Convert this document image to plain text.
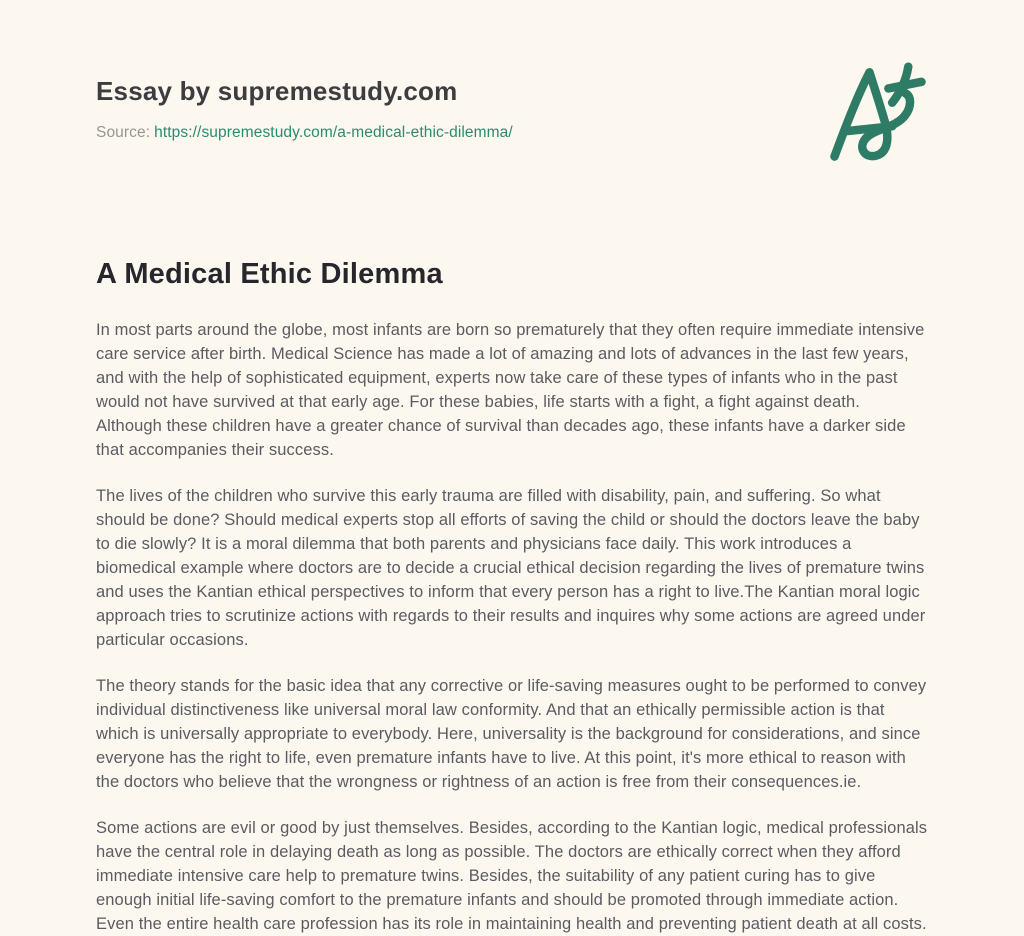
Essay by supremestudy.com
Source: https://supremestudy.com/a-medical-ethic-dilemma/
A Medical Ethic Dilemma

In most parts around the globe, most infants are born so prematurely that they often require immediate intensive care service after birth. Medical Science has made a lot of amazing and lots of advances in the last few years, and with the help of sophisticated equipment, experts now take care of these types of infants who in the past would not have survived at that early age. For these babies, life starts with a fight, a fight against death. Although these children have a greater chance of survival than decades ago, these infants have a darker side that accompanies their success.

The lives of the children who survive this early trauma are filled with disability, pain, and suffering. So what should be done? Should medical experts stop all efforts of saving the child or should the doctors leave the baby to die slowly? It is a moral dilemma that both parents and physicians face daily. This work introduces a biomedical example where doctors are to decide a crucial ethical decision regarding the lives of premature twins and uses the Kantian ethical perspectives to inform that every person has a right to live.The Kantian moral logic approach tries to scrutinize actions with regards to their results and inquires why some actions are agreed under particular occasions.

The theory stands for the basic idea that any corrective or life-saving measures ought to be performed to convey individual distinctiveness like universal moral law conformity. And that an ethically permissible action is that which is universally appropriate to everybody. Here, universality is the background for considerations, and since everyone has the right to life, even premature infants have to live. At this point, it's more ethical to reason with the doctors who believe that the wrongness or rightness of an action is free from their consequences.ie.

Some actions are evil or good by just themselves. Besides, according to the Kantian logic, medical professionals have the central role in delaying death as long as possible. The doctors are ethically correct when they afford immediate intensive care help to premature twins. Besides, the suitability of any patient curing has to give enough initial life-saving comfort to the premature infants and should be promoted through immediate action. Even the entire health care profession has its role in maintaining health and preventing patient death at all costs.
